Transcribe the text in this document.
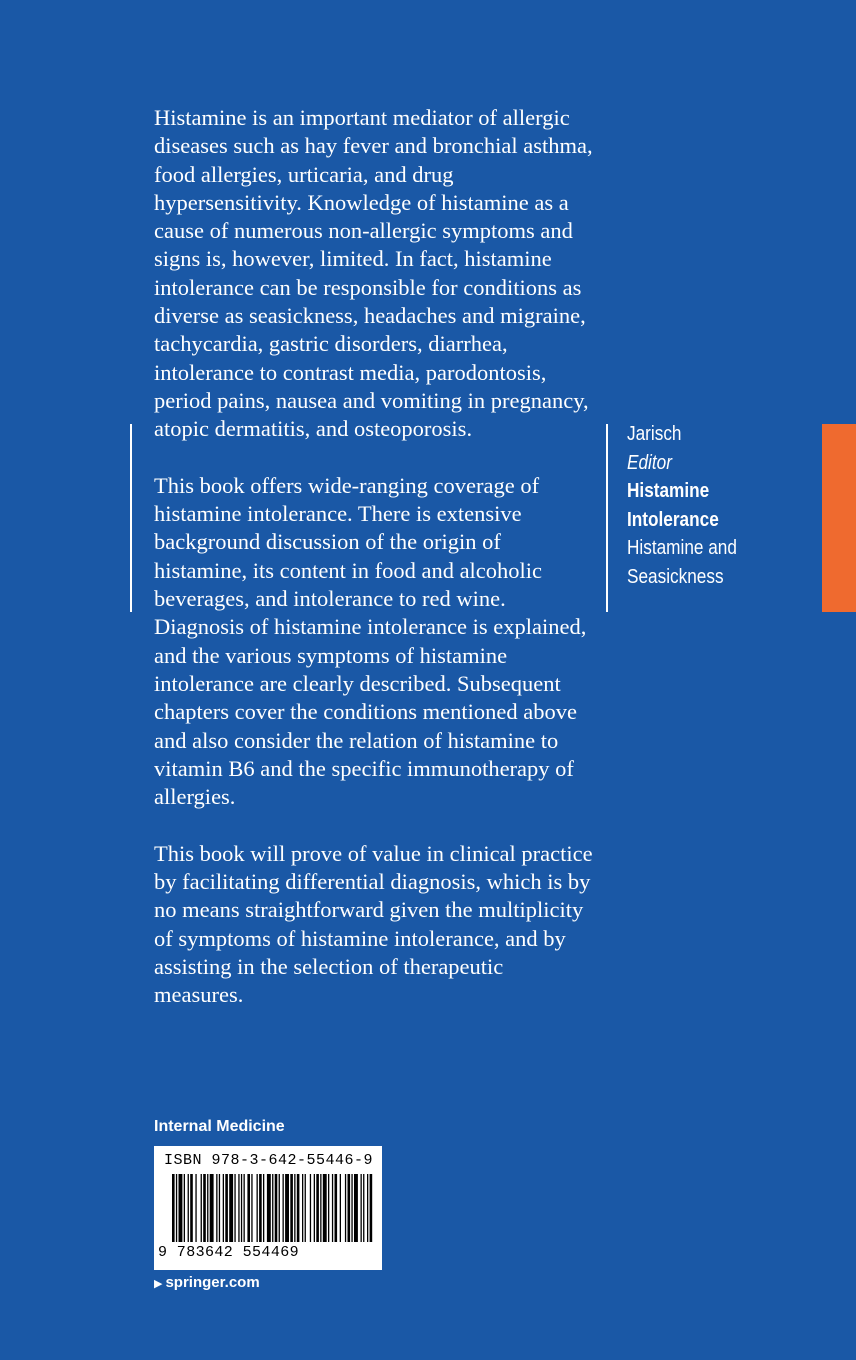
Histamine is an important mediator of allergic diseases such as hay fever and bronchial asthma, food allergies, urticaria, and drug hypersensitivity. Knowledge of histamine as a cause of numerous non-allergic symptoms and signs is, however, limited. In fact, histamine intolerance can be responsible for conditions as diverse as seasickness, headaches and migraine, tachycardia, gastric disorders, diarrhea, intolerance to contrast media, parodontosis, period pains, nausea and vomiting in pregnancy, atopic dermatitis, and osteoporosis.

This book offers wide-ranging coverage of histamine intolerance. There is extensive background discussion of the origin of histamine, its content in food and alcoholic beverages, and intolerance to red wine. Diagnosis of histamine intolerance is explained, and the various symptoms of histamine intolerance are clearly described. Subsequent chapters cover the conditions mentioned above and also consider the relation of histamine to vitamin B6 and the specific immunotherapy of allergies.

This book will prove of value in clinical practice by facilitating differential diagnosis, which is by no means straightforward given the multiplicity of symptoms of histamine intolerance, and by assisting in the selection of therapeutic measures.

Jarisch
Editor
Histamine
Intolerance
Histamine and
Seasickness
Internal Medicine
ISBN 978-3-642-55446-9
9 783642 554469
▶ springer.com
